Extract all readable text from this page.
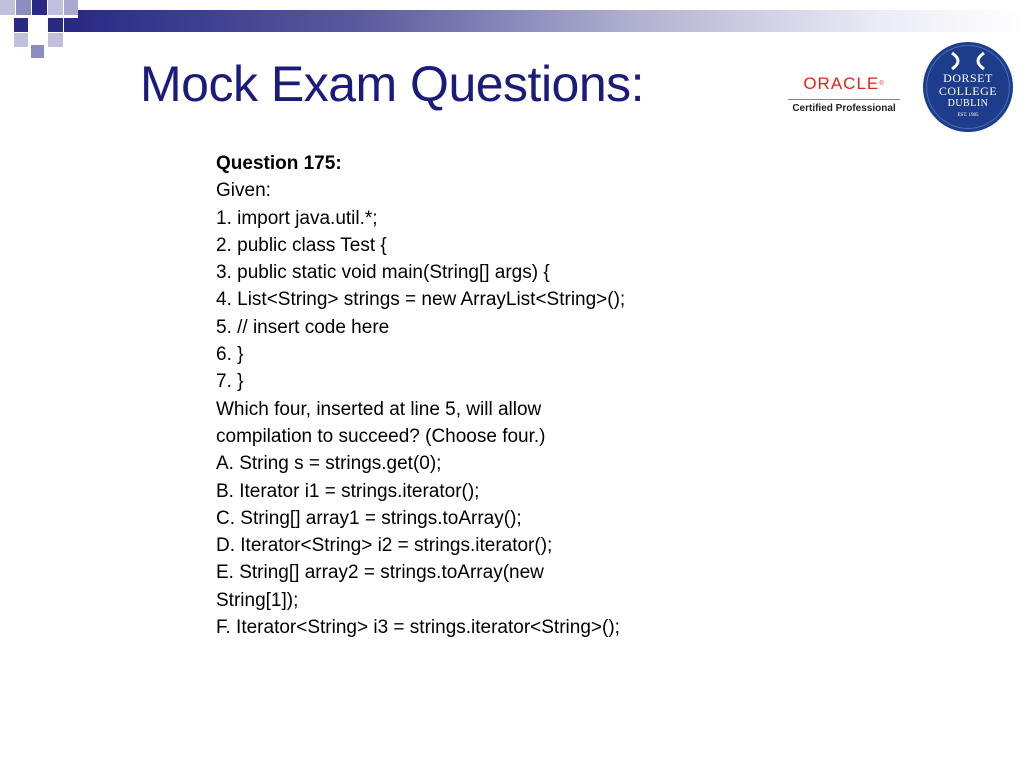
Mock Exam Questions:	ORACLE®
Certified Professional
DORSET
COLLEGE
DUBLIN
EST. 1985
Question 175:
Given:
1. import java.util.*;
2. public class Test {
3. public static void main(String[] args) {
4. List<String> strings = new ArrayList<String>();
5. // insert code here
6. }
7. }
Which four, inserted at line 5, will allow
compilation to succeed? (Choose four.)
A. String s = strings.get(0);
B. Iterator i1 = strings.iterator();
C. String[] array1 = strings.toArray();
D. Iterator<String> i2 = strings.iterator();
E. String[] array2 = strings.toArray(new
String[1]);
F. Iterator<String> i3 = strings.iterator<String>();
